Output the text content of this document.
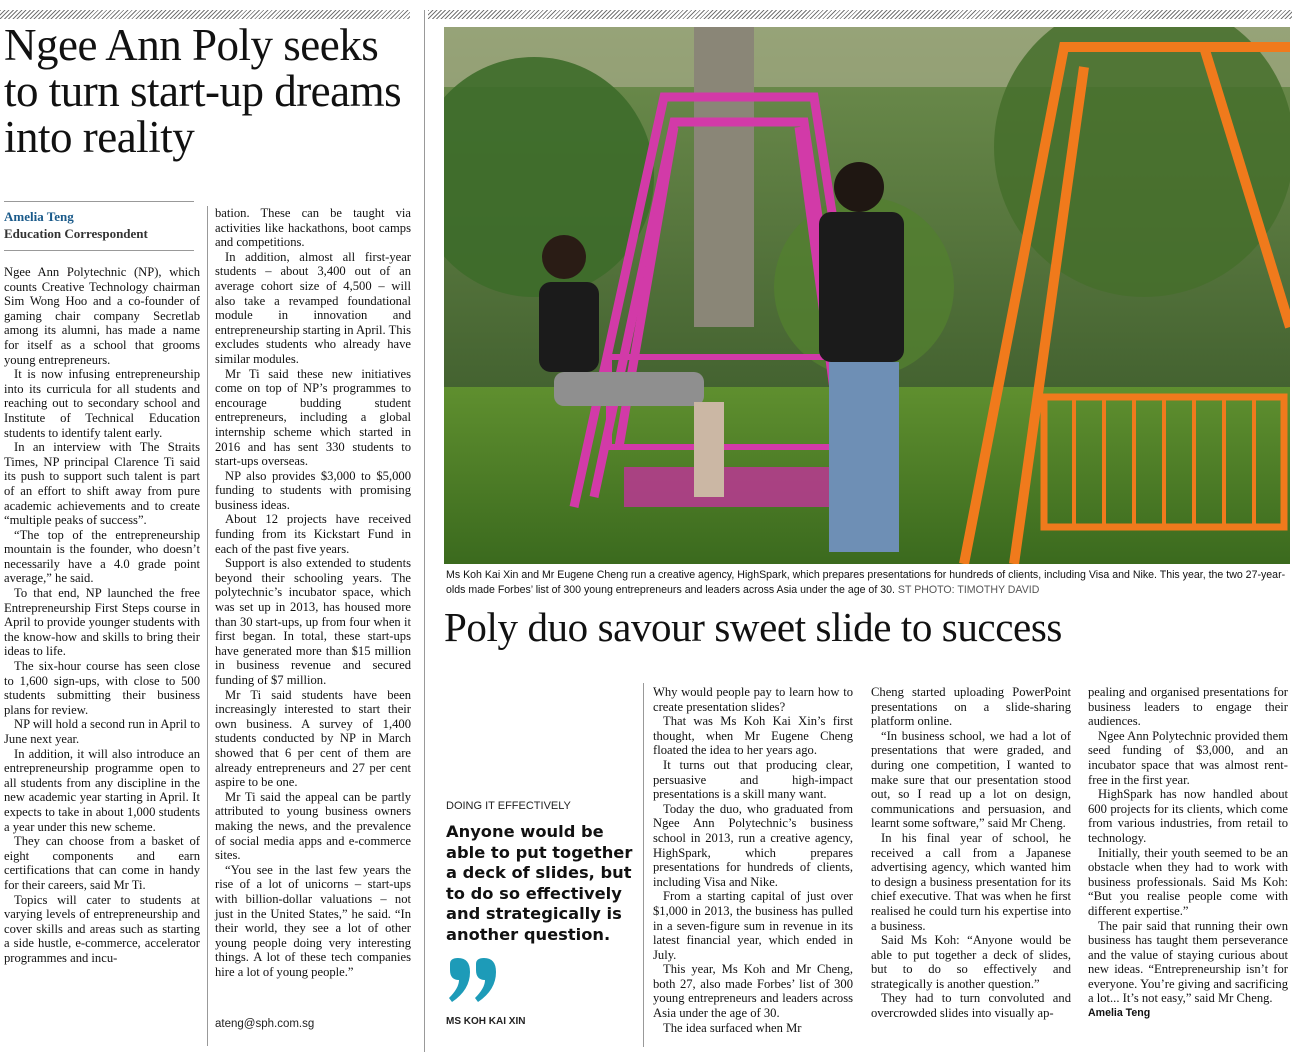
Ngee Ann Poly seeks to turn start-up dreams into reality
Amelia Teng
Education Correspondent

Ngee Ann Polytechnic (NP), which counts Creative Technology chairman Sim Wong Hoo and a co-founder of gaming chair company Secretlab among its alumni, has made a name for itself as a school that grooms young entrepreneurs.

It is now infusing entrepreneurship into its curricula for all students and reaching out to secondary school and Institute of Technical Education students to identify talent early.

In an interview with The Straits Times, NP principal Clarence Ti said its push to support such talent is part of an effort to shift away from pure academic achievements and to create “multiple peaks of success”.

“The top of the entrepreneurship mountain is the founder, who doesn’t necessarily have a 4.0 grade point average,” he said.

To that end, NP launched the free Entrepreneurship First Steps course in April to provide younger students with the know-how and skills to bring their ideas to life.

The six-hour course has seen close to 1,600 sign-ups, with close to 500 students submitting their business plans for review.

NP will hold a second run in April to June next year.

In addition, it will also introduce an entrepreneurship programme open to all students from any discipline in the new academic year starting in April. It expects to take in about 1,000 students a year under this new scheme.

They can choose from a basket of eight components and earn certifications that can come in handy for their careers, said Mr Ti.

Topics will cater to students at varying levels of entrepreneurship and cover skills and areas such as starting a side hustle, e-commerce, accelerator programmes and incu-

bation. These can be taught via activities like hackathons, boot camps and competitions.

In addition, almost all first-year students – about 3,400 out of an average cohort size of 4,500 – will also take a revamped foundational module in innovation and entrepreneurship starting in April. This excludes students who already have similar modules.

Mr Ti said these new initiatives come on top of NP’s programmes to encourage budding student entrepreneurs, including a global internship scheme which started in 2016 and has sent 330 students to start-ups overseas.

NP also provides $3,000 to $5,000 funding to students with promising business ideas.

About 12 projects have received funding from its Kickstart Fund in each of the past five years.

Support is also extended to students beyond their schooling years. The polytechnic’s incubator space, which was set up in 2013, has housed more than 30 start-ups, up from four when it first began. In total, these start-ups have generated more than $15 million in business revenue and secured funding of $7 million.

Mr Ti said students have been increasingly interested to start their own business. A survey of 1,400 students conducted by NP in March showed that 6 per cent of them are already entrepreneurs and 27 per cent aspire to be one.

Mr Ti said the appeal can be partly attributed to young business owners making the news, and the prevalence of social media apps and e-commerce sites.

“You see in the last few years the rise of a lot of unicorns – start-ups with billion-dollar valuations – not just in the United States,” he said. “In their world, they see a lot of other young people doing very interesting things. A lot of these tech companies hire a lot of young people.”

ateng@sph.com.sg
Ms Koh Kai Xin and Mr Eugene Cheng run a creative agency, HighSpark, which prepares presentations for hundreds of clients, including Visa and Nike. This year, the two 27-year-olds made Forbes’ list of 300 young entrepreneurs and leaders across Asia under the age of 30. ST PHOTO: TIMOTHY DAVID
Poly duo savour sweet slide to success
DOING IT EFFECTIVELY

Anyone would be able to put together a deck of slides, but to do so effectively and strategically is another question.

MS KOH KAI XIN

Why would people pay to learn how to create presentation slides?

That was Ms Koh Kai Xin’s first thought, when Mr Eugene Cheng floated the idea to her years ago.

It turns out that producing clear, persuasive and high-impact presentations is a skill many want.

Today the duo, who graduated from Ngee Ann Polytechnic’s business school in 2013, run a creative agency, HighSpark, which prepares presentations for hundreds of clients, including Visa and Nike.

From a starting capital of just over $1,000 in 2013, the business has pulled in a seven-figure sum in revenue in its latest financial year, which ended in July.

This year, Ms Koh and Mr Cheng, both 27, also made Forbes’ list of 300 young entrepreneurs and leaders across Asia under the age of 30.

The idea surfaced when Mr

Cheng started uploading PowerPoint presentations on a slide-sharing platform online.

“In business school, we had a lot of presentations that were graded, and during one competition, I wanted to make sure that our presentation stood out, so I read up a lot on design, communications and persuasion, and learnt some software,” said Mr Cheng.

In his final year of school, he received a call from a Japanese advertising agency, which wanted him to design a business presentation for its chief executive. That was when he first realised he could turn his expertise into a business.

Said Ms Koh: “Anyone would be able to put together a deck of slides, but to do so effectively and strategically is another question.”

They had to turn convoluted and overcrowded slides into visually ap-

pealing and organised presentations for business leaders to engage their audiences.

Ngee Ann Polytechnic provided them seed funding of $3,000, and an incubator space that was almost rent-free in the first year.

HighSpark has now handled about 600 projects for its clients, which come from various industries, from retail to technology.

Initially, their youth seemed to be an obstacle when they had to work with business professionals. Said Ms Koh: “But you realise people come with different expertise.”

The pair said that running their own business has taught them perseverance and the value of staying curious about new ideas. “Entrepreneurship isn’t for everyone. You’re giving and sacrificing a lot... It’s not easy,” said Mr Cheng.

Amelia Teng
